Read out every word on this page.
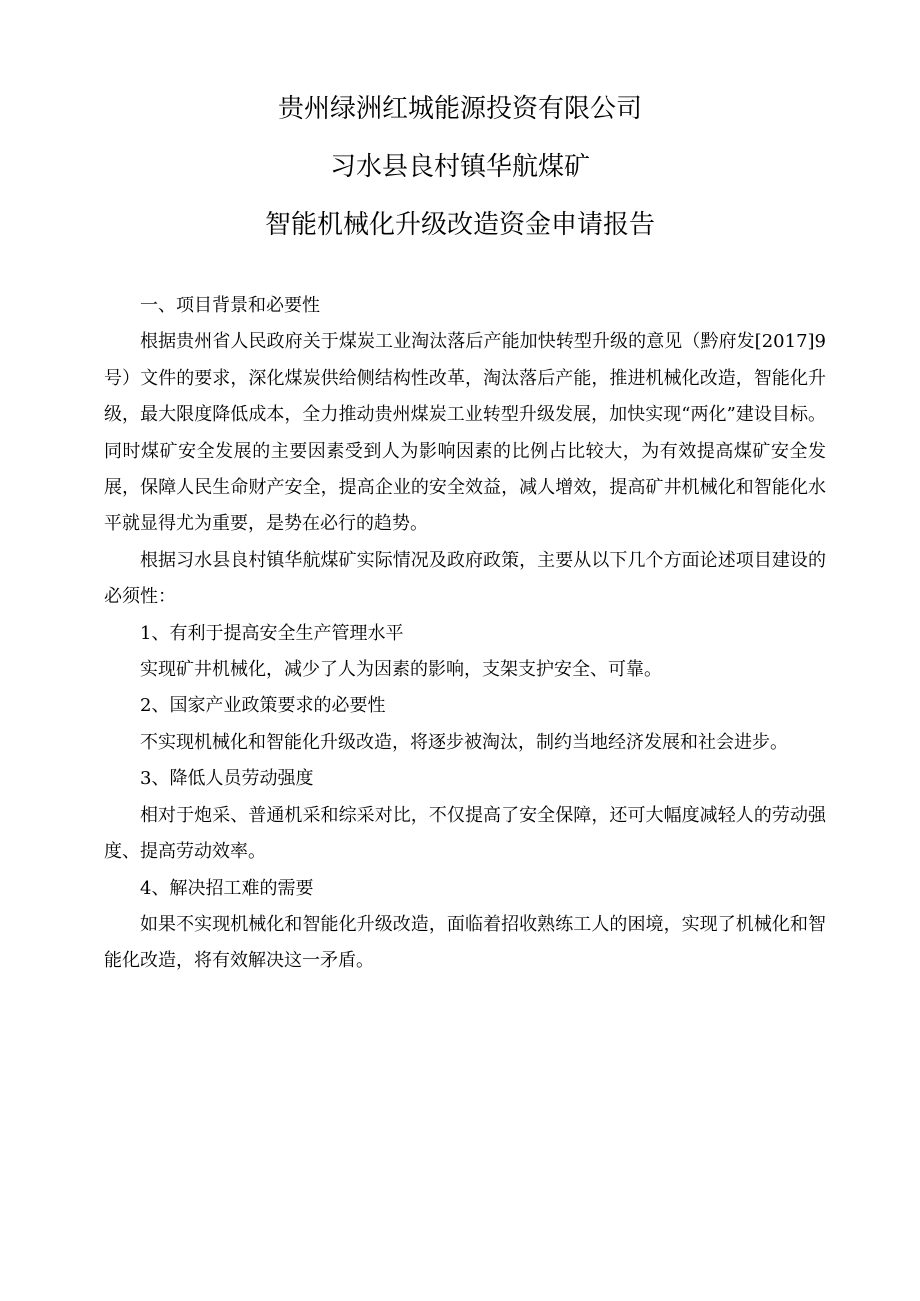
贵州绿洲红城能源投资有限公司
习水县良村镇华航煤矿
智能机械化升级改造资金申请报告

一、项目背景和必要性

根据贵州省人民政府关于煤炭工业淘汰落后产能加快转型升级的意见（黔府发[2017]9号）文件的要求，深化煤炭供给侧结构性改革，淘汰落后产能，推进机械化改造，智能化升级，最大限度降低成本，全力推动贵州煤炭工业转型升级发展，加快实现“两化”建设目标。同时煤矿安全发展的主要因素受到人为影响因素的比例占比较大，为有效提高煤矿安全发展，保障人民生命财产安全，提高企业的安全效益，减人增效，提高矿井机械化和智能化水平就显得尤为重要，是势在必行的趋势。

根据习水县良村镇华航煤矿实际情况及政府政策，主要从以下几个方面论述项目建设的必须性：

1、有利于提高安全生产管理水平

实现矿井机械化，减少了人为因素的影响，支架支护安全、可靠。

2、国家产业政策要求的必要性

不实现机械化和智能化升级改造，将逐步被淘汰，制约当地经济发展和社会进步。

3、降低人员劳动强度

相对于炮采、普通机采和综采对比，不仅提高了安全保障，还可大幅度减轻人的劳动强度、提高劳动效率。

4、解决招工难的需要

如果不实现机械化和智能化升级改造，面临着招收熟练工人的困境，实现了机械化和智能化改造，将有效解决这一矛盾。
